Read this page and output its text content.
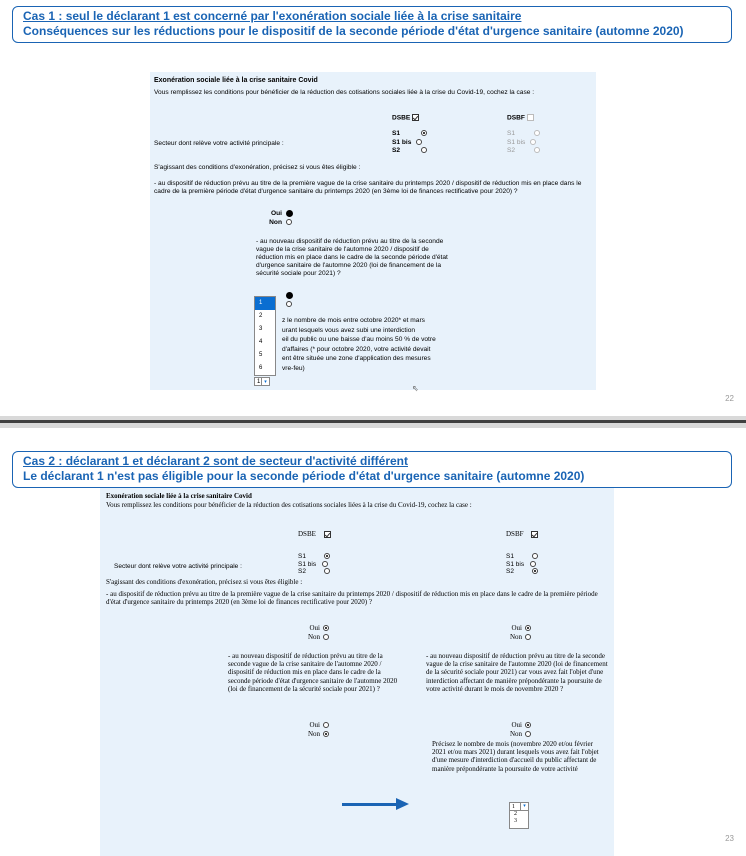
Cas 1 : seul le déclarant 1 est concerné par l'exonération sociale liée à la crise sanitaire
Conséquences sur les réductions pour le dispositif de la seconde période d'état d'urgence sanitaire (automne 2020)
Exonération sociale liée à la crise sanitaire Covid
Vous remplissez les conditions pour bénéficier de la réduction des cotisations sociales liée à la crise du Covid-19, cochez la case :
DSBE	DSBF
Secteur dont relève votre activité principale :
S1
S1 bis
S2
S1
S1 bis
S2
S'agissant des conditions d'exonération, précisez si vous êtes éligible :
- au dispositif de réduction prévu au titre de la première vague de la crise sanitaire du printemps 2020 / dispositif de réduction mis en place dans le cadre de la première période d'état d'urgence sanitaire du printemps 2020 (en 3ème loi de finances rectificative pour 2020) ?
Oui
Non
- au nouveau dispositif de réduction prévu au titre de la seconde vague de la crise sanitaire de l'automne 2020 / dispositif de réduction mis en place dans le cadre de la seconde période d'état d'urgence sanitaire de l'automne 2020 (loi de financement de la sécurité sociale pour 2021) ?
z le nombre de mois entre octobre 2020* et mars
urant lesquels vous avez subi une interdiction
eil du public ou une baisse d'au moins 50 % de votre
d'affaires (* pour octobre 2020, votre activité devait
ent être située une zone d'application des mesures
vre-feu)
1
2
3
4
5
6
1 ▾
⇖
22
Cas 2 : déclarant 1 et déclarant 2 sont de secteur d'activité différent
Le déclarant 1 n'est pas éligible pour la seconde période d'état d'urgence sanitaire (automne 2020)
23
Exonération sociale liée à la crise sanitaire Covid
Vous remplissez les conditions pour bénéficier de la réduction des cotisations sociales liées à la crise du Covid-19, cochez la case :
DSBE	DSBF
Secteur dont relève votre activité principale :
S1
S1 bis
S2
S1
S1 bis
S2
S'agissant des conditions d'exonération, précisez si vous êtes éligible :
- au dispositif de réduction prévu au titre de la première vague de la crise sanitaire du printemps 2020 / dispositif de réduction mis en place dans le cadre de la première période d'état d'urgence sanitaire du printemps 2020 (en 3ème loi de finances rectificative pour 2020) ?
Oui
Non
Oui
Non
- au nouveau dispositif de réduction prévu au titre de la seconde vague de la crise sanitaire de l'automne 2020 / dispositif de réduction mis en place dans le cadre de la seconde période d'état d'urgence sanitaire de l'automne 2020 (loi de financement de la sécurité sociale pour 2021) ?
- au nouveau dispositif de réduction prévu au titre de la seconde vague de la crise sanitaire de l'automne 2020 (loi de financement de la sécurité sociale pour 2021) car vous avez fait l'objet d'une interdiction affectant de manière prépondérante la poursuite de votre activité durant le mois de novembre 2020 ?
Oui
Non
Oui
Non
Précisez le nombre de mois (novembre 2020 et/ou février 2021 et/ou mars 2021) durant lesquels vous avez fait l'objet d'une mesure d'interdiction d'accueil du public affectant de manière prépondérante la poursuite de votre activité
1	▾
2
3
